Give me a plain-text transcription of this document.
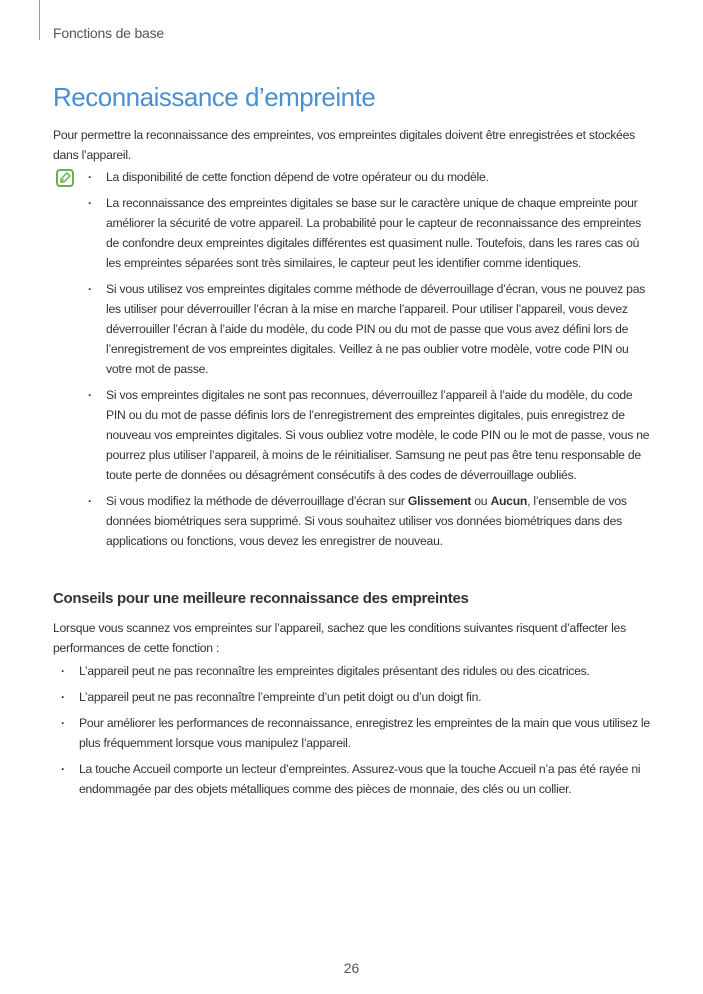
Fonctions de base
Reconnaissance d’empreinte

Pour permettre la reconnaissance des empreintes, vos empreintes digitales doivent être enregistrées et stockées dans l’appareil.

· La disponibilité de cette fonction dépend de votre opérateur ou du modèle.
· La reconnaissance des empreintes digitales se base sur le caractère unique de chaque empreinte pour améliorer la sécurité de votre appareil. La probabilité pour le capteur de reconnaissance des empreintes de confondre deux empreintes digitales différentes est quasiment nulle. Toutefois, dans les rares cas où les empreintes séparées sont très similaires, le capteur peut les identifier comme identiques.
· Si vous utilisez vos empreintes digitales comme méthode de déverrouillage d’écran, vous ne pouvez pas les utiliser pour déverrouiller l’écran à la mise en marche l’appareil. Pour utiliser l’appareil, vous devez déverrouiller l’écran à l’aide du modèle, du code PIN ou du mot de passe que vous avez défini lors de l’enregistrement de vos empreintes digitales. Veillez à ne pas oublier votre modèle, votre code PIN ou votre mot de passe.
· Si vos empreintes digitales ne sont pas reconnues, déverrouillez l’appareil à l’aide du modèle, du code PIN ou du mot de passe définis lors de l’enregistrement des empreintes digitales, puis enregistrez de nouveau vos empreintes digitales. Si vous oubliez votre modèle, le code PIN ou le mot de passe, vous ne pourrez plus utiliser l’appareil, à moins de le réinitialiser. Samsung ne peut pas être tenu responsable de toute perte de données ou désagrément consécutifs à des codes de déverrouillage oubliés.
· Si vous modifiez la méthode de déverrouillage d’écran sur Glissement ou Aucun, l’ensemble de vos données biométriques sera supprimé. Si vous souhaitez utiliser vos données biométriques dans des applications ou fonctions, vous devez les enregistrer de nouveau.
Conseils pour une meilleure reconnaissance des empreintes

Lorsque vous scannez vos empreintes sur l’appareil, sachez que les conditions suivantes risquent d’affecter les performances de cette fonction :

· L’appareil peut ne pas reconnaître les empreintes digitales présentant des ridules ou des cicatrices.
· L’appareil peut ne pas reconnaître l’empreinte d’un petit doigt ou d’un doigt fin.
· Pour améliorer les performances de reconnaissance, enregistrez les empreintes de la main que vous utilisez le plus fréquemment lorsque vous manipulez l’appareil.
· La touche Accueil comporte un lecteur d’empreintes. Assurez-vous que la touche Accueil n’a pas été rayée ni endommagée par des objets métalliques comme des pièces de monnaie, des clés ou un collier.
26
